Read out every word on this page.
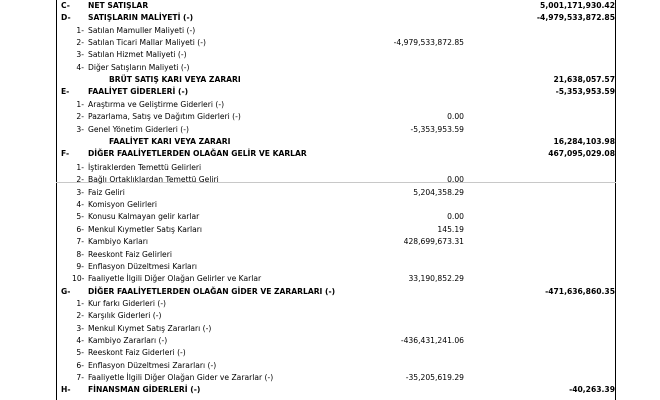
C- NET SATIŞLAR	5,001,171,930.42
D- SATIŞLARIN MALİYETİ (-)	-4,979,533,872.85
1- Satılan Mamuller Maliyeti (-)
2- Satılan Ticari Mallar Maliyeti (-)	-4,979,533,872.85
3- Satılan Hizmet Maliyeti (-)
4- Diğer Satışların Maliyeti (-)
BRÜT SATIŞ KARI VEYA ZARARI	21,638,057.57
E- FAALİYET GİDERLERİ (-)	-5,353,953.59
1- Araştırma ve Geliştirme Giderleri (-)
2- Pazarlama, Satış ve Dağıtım Giderleri (-)	0.00
3- Genel Yönetim Giderleri (-)	-5,353,953.59
FAALİYET KARI VEYA ZARARI	16,284,103.98
F- DİĞER FAALİYETLERDEN OLAĞAN GELİR VE KARLAR	467,095,029.08
1- İştiraklerden Temettü Gelirleri
2- Bağlı Ortaklıklardan Temettü Geliri	0.00
3- Faiz Geliri	5,204,358.29
4- Komisyon Gelirleri
5- Konusu Kalmayan gelir karlar	0.00
6- Menkul Kıymetler Satış Karları	145.19
7- Kambiyo Karları	428,699,673.31
8- Reeskont Faiz Gelirleri
9- Enflasyon Düzeltmesi Karları
10- Faaliyetle İlgili Diğer Olağan Gelirler ve Karlar	33,190,852.29
G- DİĞER FAALİYETLERDEN OLAĞAN GİDER VE ZARARLARI (-)	-471,636,860.35
1- Kur farkı Giderleri (-)
2- Karşılık Giderleri (-)
3- Menkul Kıymet Satış Zararları (-)
4- Kambiyo Zararları (-)	-436,431,241.06
5- Reeskont Faiz Giderleri (-)
6- Enflasyon Düzeltmesi Zararları (-)
7- Faaliyetle İlgili Diğer Olağan Gider ve Zararlar (-)	-35,205,619.29
H- FİNANSMAN GİDERLERİ (-)	-40,263.39
